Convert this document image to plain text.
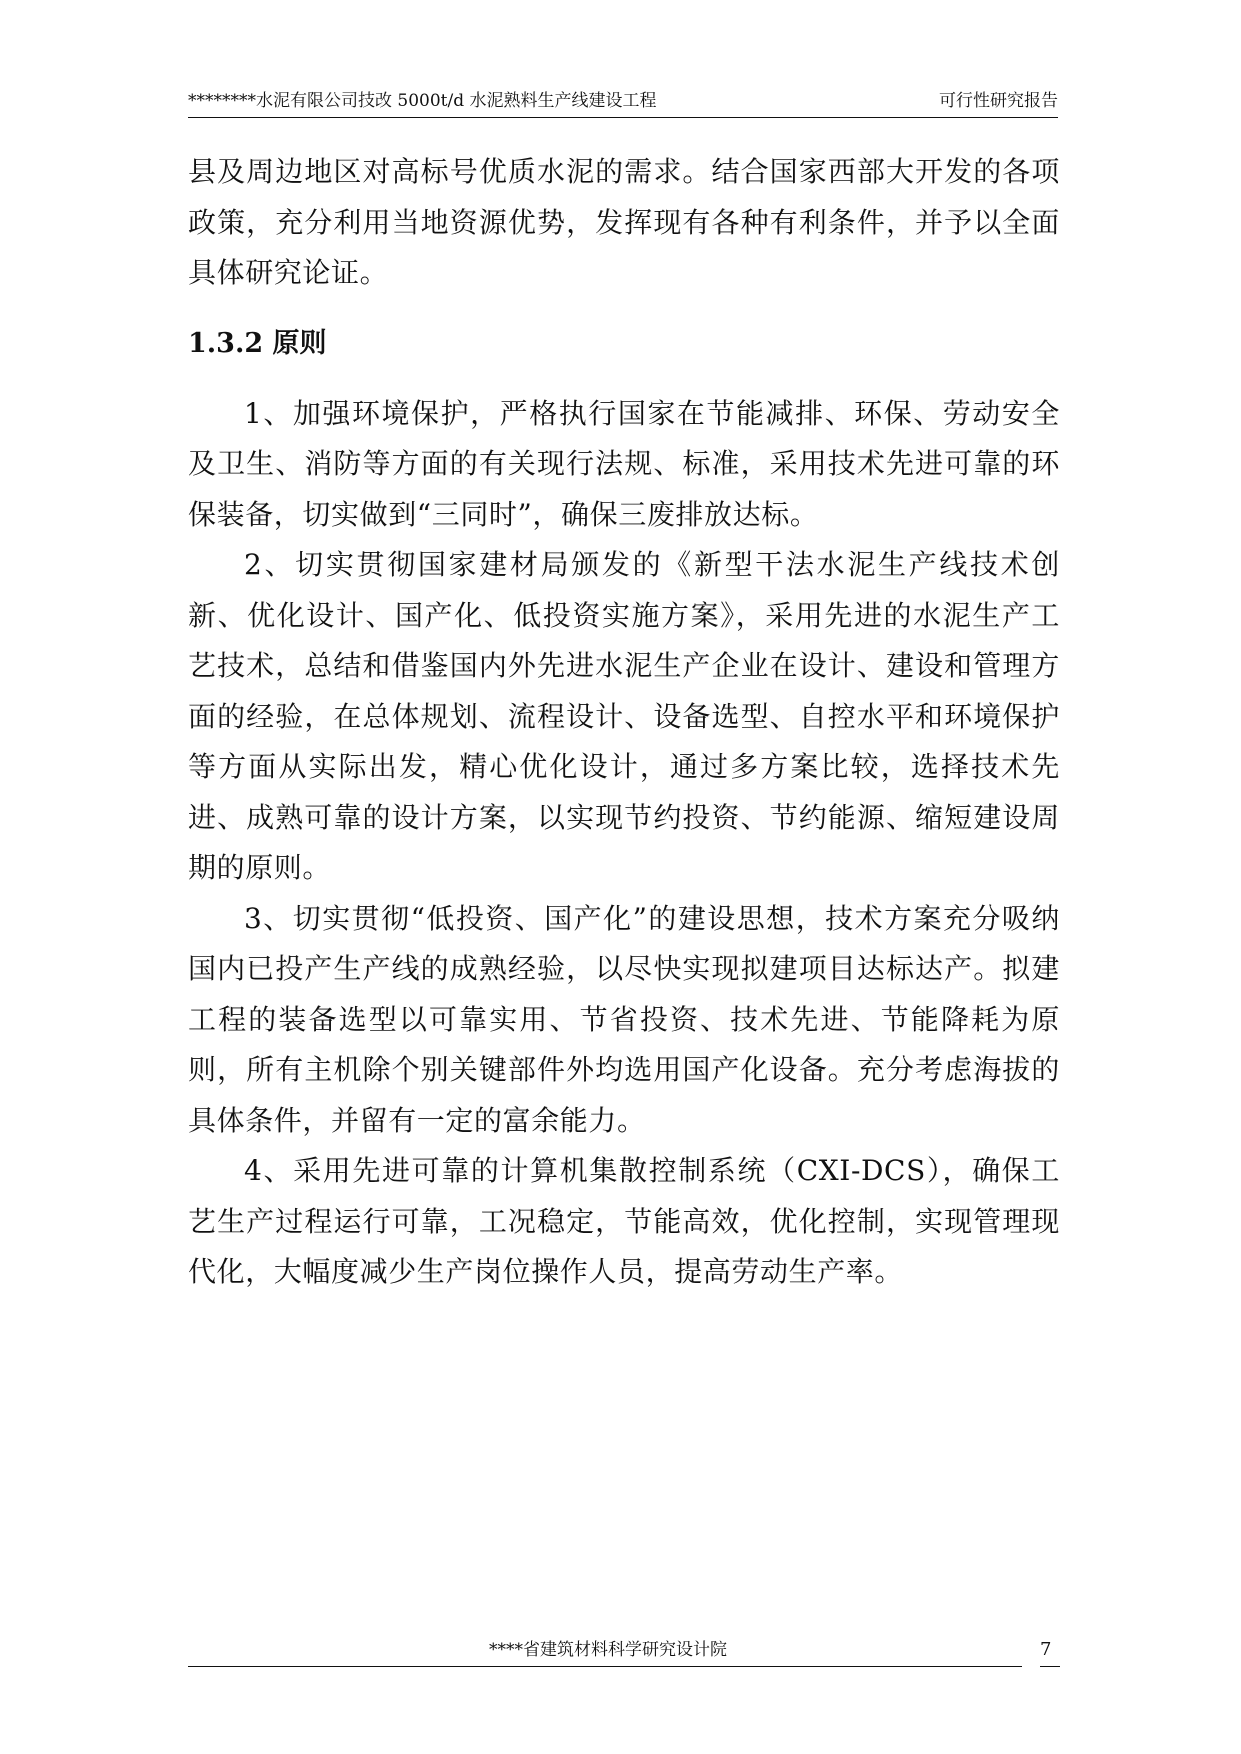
********水泥有限公司技改 5000t/d 水泥熟料生产线建设工程	可行性研究报告

县及周边地区对高标号优质水泥的需求。结合国家西部大开发的各项政策，充分利用当地资源优势，发挥现有各种有利条件，并予以全面具体研究论证。

1.3.2 原则

1、加强环境保护，严格执行国家在节能减排、环保、劳动安全及卫生、消防等方面的有关现行法规、标准，采用技术先进可靠的环保装备，切实做到“三同时”，确保三废排放达标。

2、切实贯彻国家建材局颁发的《新型干法水泥生产线技术创新、优化设计、国产化、低投资实施方案》，采用先进的水泥生产工艺技术，总结和借鉴国内外先进水泥生产企业在设计、建设和管理方面的经验，在总体规划、流程设计、设备选型、自控水平和环境保护等方面从实际出发，精心优化设计，通过多方案比较，选择技术先进、成熟可靠的设计方案，以实现节约投资、节约能源、缩短建设周期的原则。

3、切实贯彻“低投资、国产化”的建设思想，技术方案充分吸纳国内已投产生产线的成熟经验，以尽快实现拟建项目达标达产。拟建工程的装备选型以可靠实用、节省投资、技术先进、节能降耗为原则，所有主机除个别关键部件外均选用国产化设备。充分考虑海拔的具体条件，并留有一定的富余能力。

4、采用先进可靠的计算机集散控制系统（CXI-DCS），确保工艺生产过程运行可靠，工况稳定，节能高效，优化控制，实现管理现代化，大幅度减少生产岗位操作人员，提高劳动生产率。

****省建筑材料科学研究设计院	7
